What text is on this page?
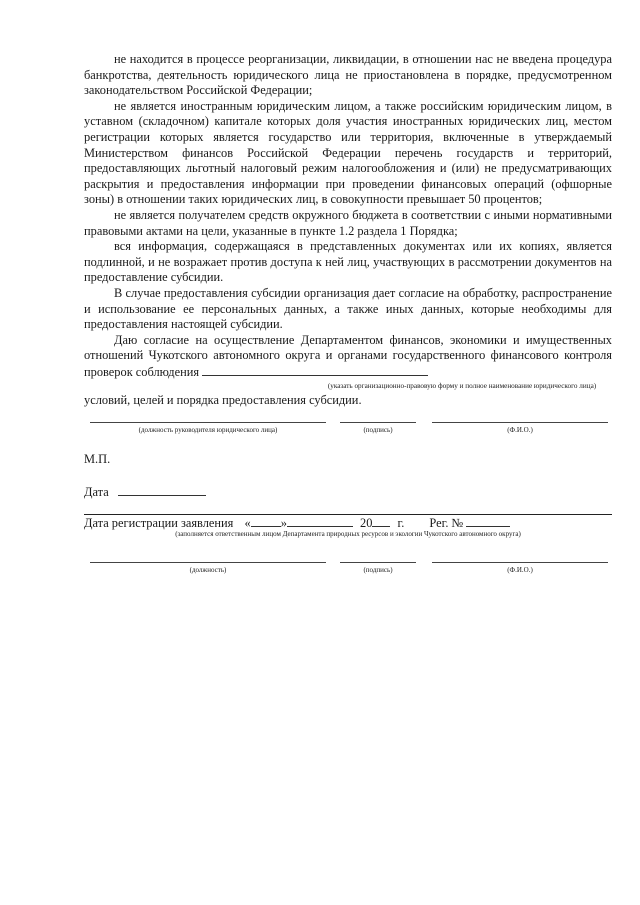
не находится в процессе реорганизации, ликвидации, в отношении нас не введена процедура банкротства, деятельность юридического лица не приостановлена в порядке, предусмотренном законодательством Российской Федерации;

не является иностранным юридическим лицом, а также российским юридическим лицом, в уставном (складочном) капитале которых доля участия иностранных юридических лиц, местом регистрации которых является государство или территория, включенные в утверждаемый Министерством финансов Российской Федерации перечень государств и территорий, предоставляющих льготный налоговый режим налогообложения и (или) не предусматривающих раскрытия и предоставления информации при проведении финансовых операций (офшорные зоны) в отношении таких юридических лиц, в совокупности превышает 50 процентов;

не является получателем средств окружного бюджета в соответствии с иными нормативными правовыми актами на цели, указанные в пункте 1.2 раздела 1 Порядка;

вся информация, содержащаяся в представленных документах или их копиях, является подлинной, и не возражает против доступа к ней лиц, участвующих в рассмотрении документов на предоставление субсидии.

В случае предоставления субсидии организация дает согласие на обработку, распространение и использование ее персональных данных, а также иных данных, которые необходимы для предоставления настоящей субсидии.

Даю согласие на осуществление Департаментом финансов, экономики и имущественных отношений Чукотского автономного округа и органами государственного финансового контроля проверок соблюдения

(указать организационно-правовую форму и полное наименование юридического лица)

условий, целей и порядка предоставления субсидии.

(должность руководителя юридического лица)	(подпись)	(Ф.И.О.)
М.П.
Дата
Дата регистрации заявления « »	20 г. Рег. №
(заполняется ответственным лицом Департамента природных ресурсов и экологии Чукотского автономного округа)
(должность)	(подпись)	(Ф.И.О.)
